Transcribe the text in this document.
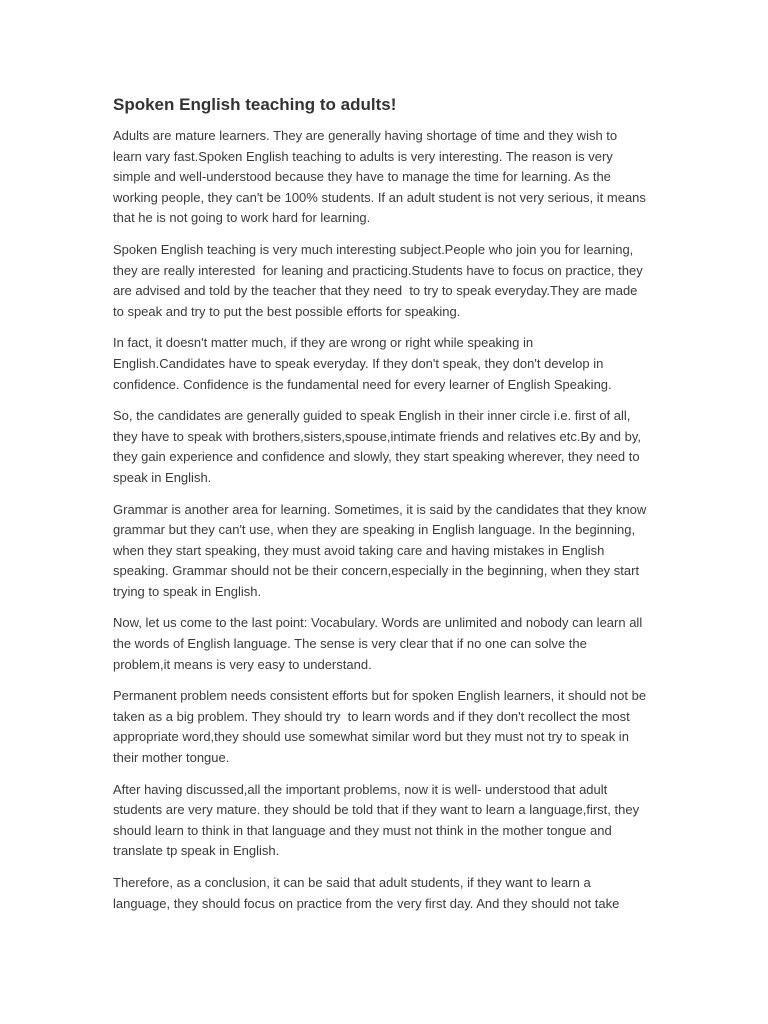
Spoken English teaching to adults!

Adults are mature learners. They are generally having shortage of time and they wish to
learn vary fast.Spoken English teaching to adults is very interesting. The reason is very
simple and well-understood because they have to manage the time for learning. As the
working people, they can't be 100% students. If an adult student is not very serious, it means
that he is not going to work hard for learning.

Spoken English teaching is very much interesting subject.People who join you for learning,
they are really interested  for leaning and practicing.Students have to focus on practice, they
are advised and told by the teacher that they need  to try to speak everyday.They are made
to speak and try to put the best possible efforts for speaking.

In fact, it doesn't matter much, if they are wrong or right while speaking in
English.Candidates have to speak everyday. If they don't speak, they don't develop in
confidence. Confidence is the fundamental need for every learner of English Speaking.

So, the candidates are generally guided to speak English in their inner circle i.e. first of all,
they have to speak with brothers,sisters,spouse,intimate friends and relatives etc.By and by,
they gain experience and confidence and slowly, they start speaking wherever, they need to
speak in English.

Grammar is another area for learning. Sometimes, it is said by the candidates that they know
grammar but they can't use, when they are speaking in English language. In the beginning,
when they start speaking, they must avoid taking care and having mistakes in English
speaking. Grammar should not be their concern,especially in the beginning, when they start
trying to speak in English.

Now, let us come to the last point: Vocabulary. Words are unlimited and nobody can learn all
the words of English language. The sense is very clear that if no one can solve the
problem,it means is very easy to understand.

Permanent problem needs consistent efforts but for spoken English learners, it should not be
taken as a big problem. They should try  to learn words and if they don't recollect the most
appropriate word,they should use somewhat similar word but they must not try to speak in
their mother tongue.

After having discussed,all the important problems, now it is well- understood that adult
students are very mature. they should be told that if they want to learn a language,first, they
should learn to think in that language and they must not think in the mother tongue and
translate tp speak in English.

Therefore, as a conclusion, it can be said that adult students, if they want to learn a
language, they should focus on practice from the very first day. And they should not take
